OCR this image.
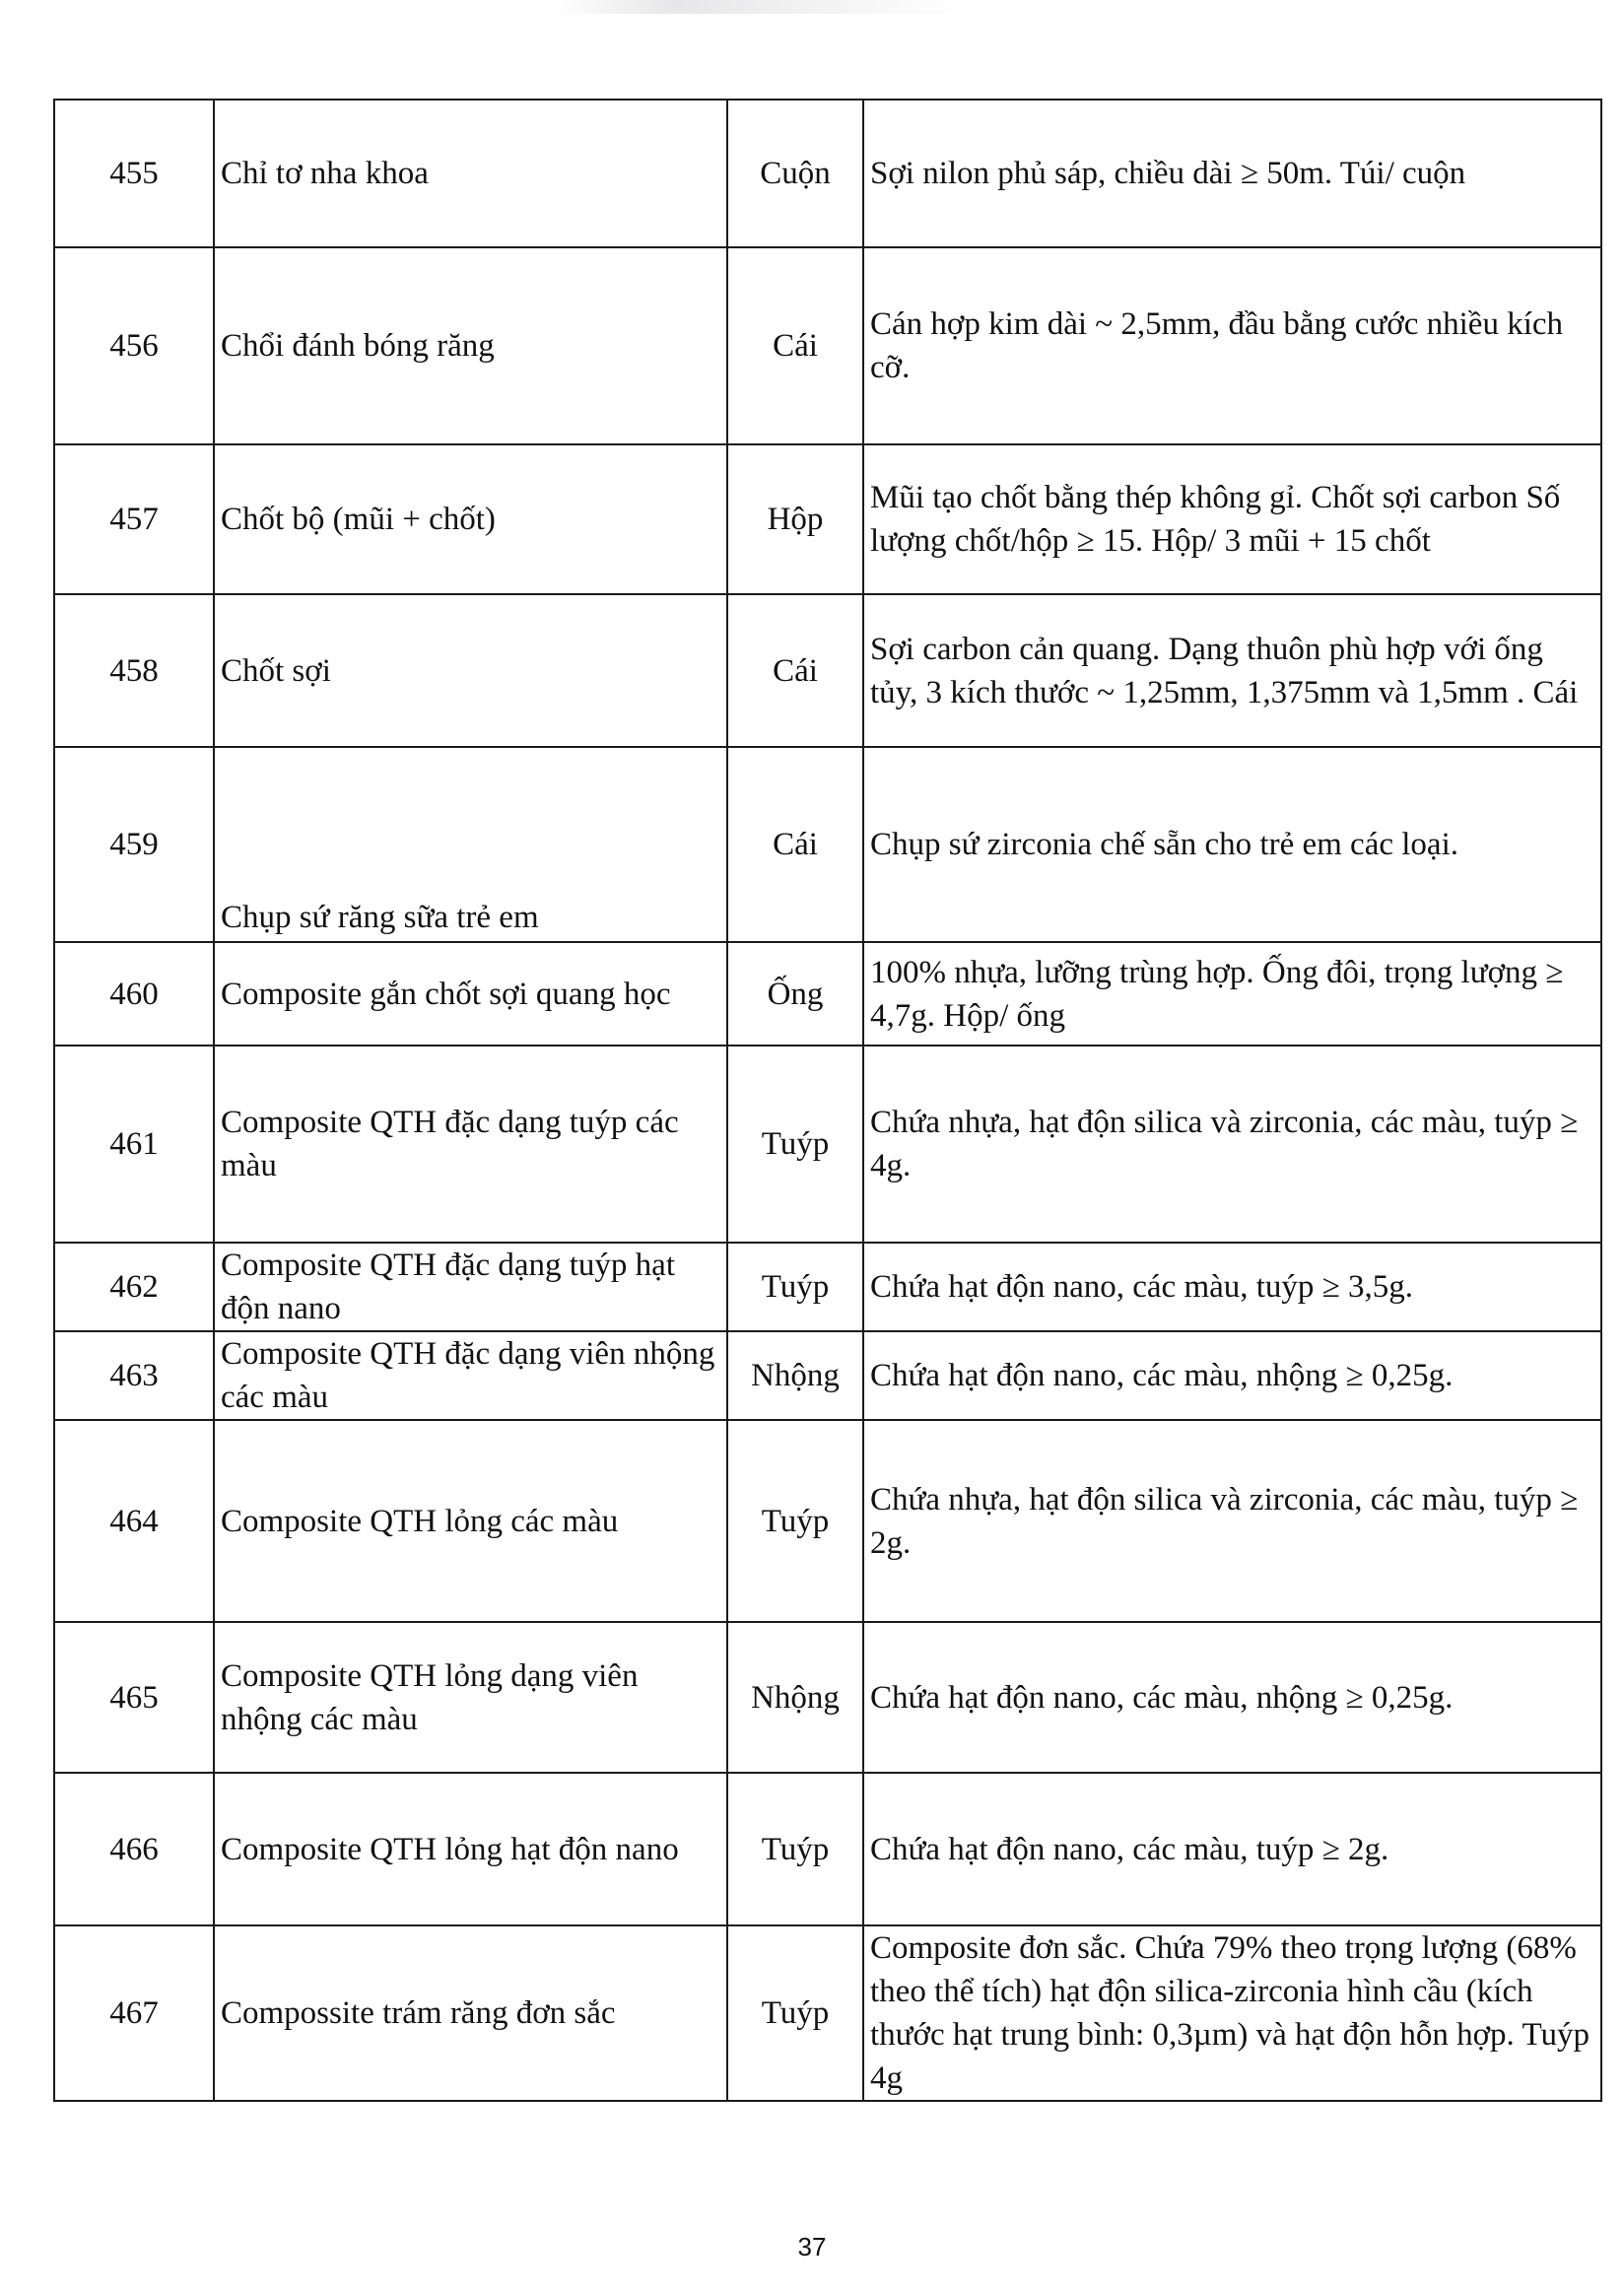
455	Chỉ tơ nha khoa	Cuộn	Sợi nilon phủ sáp, chiều dài ≥ 50m. Túi/ cuộn
456	Chổi đánh bóng răng	Cái	Cán hợp kim dài ~ 2,5mm, đầu bằng cước nhiều kích cỡ.
457	Chốt bộ (mũi + chốt)	Hộp	Mũi tạo chốt bằng thép không gỉ. Chốt sợi carbon Số lượng chốt/hộp ≥ 15. Hộp/ 3 mũi + 15 chốt
458	Chốt sợi	Cái	Sợi carbon cản quang. Dạng thuôn phù hợp với ống tủy, 3 kích thước ~ 1,25mm, 1,375mm và 1,5mm . Cái
459	Chụp sứ răng sữa trẻ em	Cái	Chụp sứ zirconia chế sẵn cho trẻ em các loại.
460	Composite gắn chốt sợi quang học	Ống	100% nhựa, lưỡng trùng hợp. Ống đôi, trọng lượng ≥ 4,7g. Hộp/ ống
461	Composite QTH đặc dạng tuýp các màu	Tuýp	Chứa nhựa, hạt độn silica và zirconia, các màu, tuýp ≥ 4g.
462	Composite QTH đặc dạng tuýp hạt độn nano	Tuýp	Chứa hạt độn nano, các màu, tuýp ≥ 3,5g.
463	Composite QTH đặc dạng viên nhộng các màu	Nhộng	Chứa hạt độn nano, các màu, nhộng ≥ 0,25g.
464	Composite QTH lỏng các màu	Tuýp	Chứa nhựa, hạt độn silica và zirconia, các màu, tuýp ≥ 2g.
465	Composite QTH lỏng dạng viên nhộng các màu	Nhộng	Chứa hạt độn nano, các màu, nhộng ≥ 0,25g.
466	Composite QTH lỏng hạt độn nano	Tuýp	Chứa hạt độn nano, các màu, tuýp ≥ 2g.
467	Compossite trám răng đơn sắc	Tuýp	Composite đơn sắc. Chứa 79% theo trọng lượng (68% theo thể tích) hạt độn silica-zirconia hình cầu (kích thước hạt trung bình: 0,3µm) và hạt độn hỗn hợp. Tuýp 4g
37
